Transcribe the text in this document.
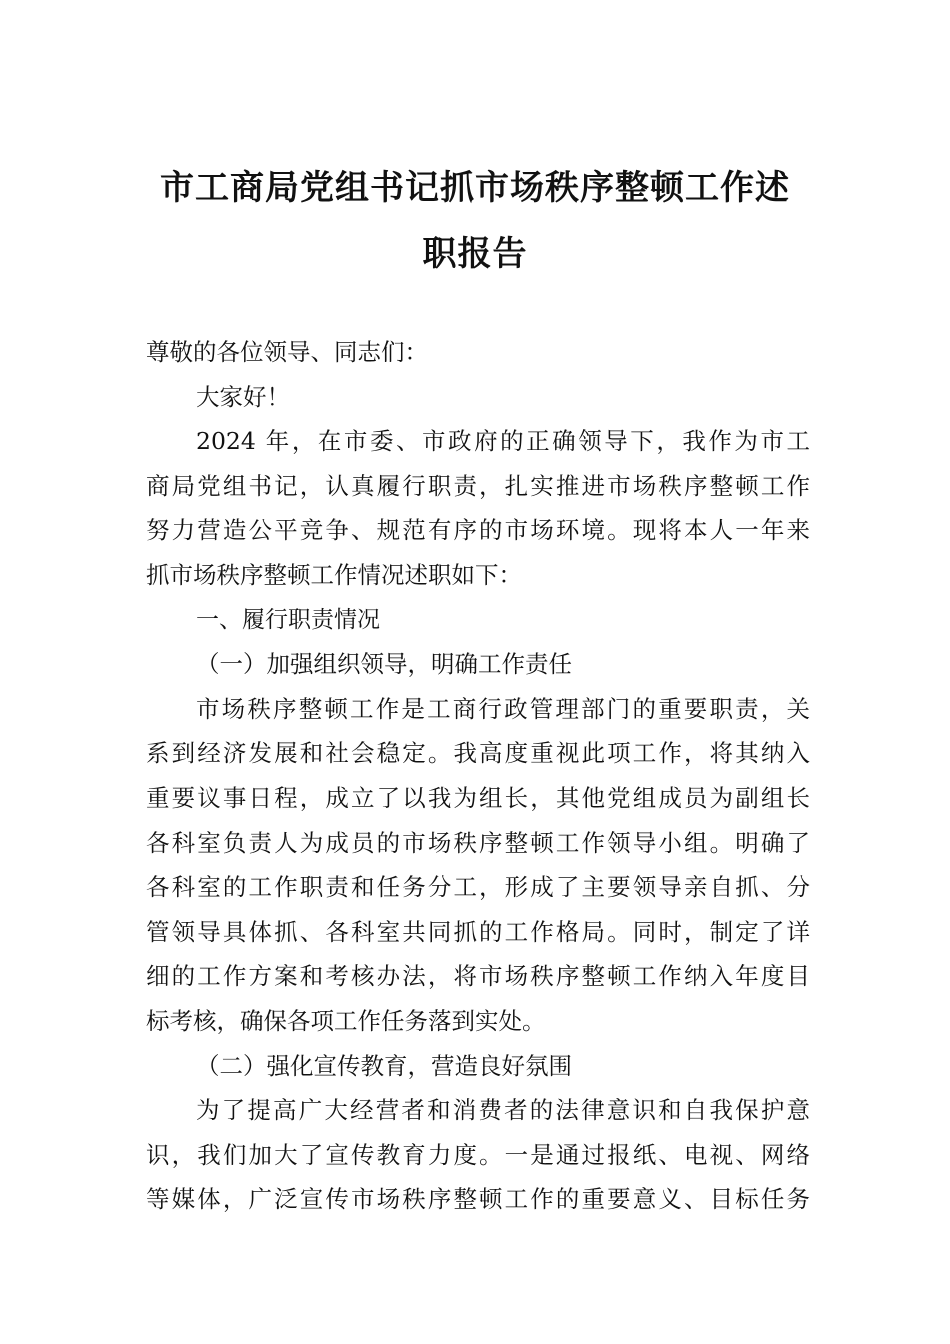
市工商局党组书记抓市场秩序整顿工作述
职报告
尊敬的各位领导、同志们：
大家好！
2024 年，在市委、市政府的正确领导下，我作为市工
商局党组书记，认真履行职责，扎实推进市场秩序整顿工作
努力营造公平竞争、规范有序的市场环境。现将本人一年来
抓市场秩序整顿工作情况述职如下：
一、履行职责情况
（一）加强组织领导，明确工作责任
市场秩序整顿工作是工商行政管理部门的重要职责，关
系到经济发展和社会稳定。我高度重视此项工作，将其纳入
重要议事日程，成立了以我为组长，其他党组成员为副组长
各科室负责人为成员的市场秩序整顿工作领导小组。明确了
各科室的工作职责和任务分工，形成了主要领导亲自抓、分
管领导具体抓、各科室共同抓的工作格局。同时，制定了详
细的工作方案和考核办法，将市场秩序整顿工作纳入年度目
标考核，确保各项工作任务落到实处。
（二）强化宣传教育，营造良好氛围
为了提高广大经营者和消费者的法律意识和自我保护意
识，我们加大了宣传教育力度。一是通过报纸、电视、网络
等媒体，广泛宣传市场秩序整顿工作的重要意义、目标任务
